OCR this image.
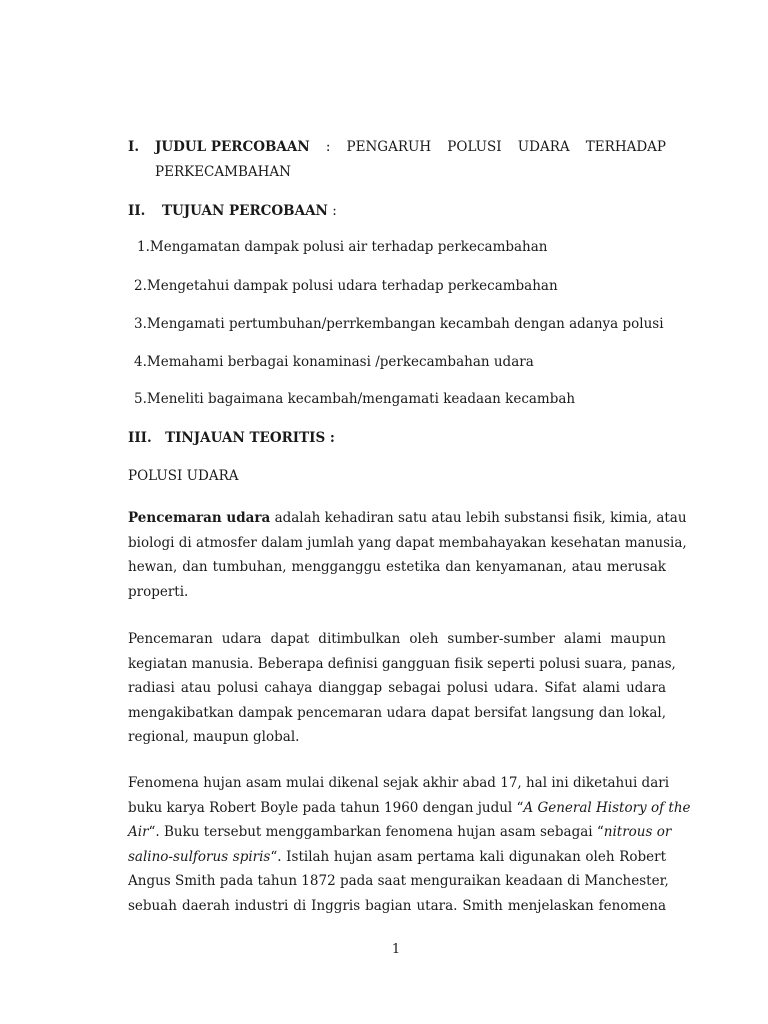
I. JUDUL PERCOBAAN : PENGARUH POLUSI UDARA TERHADAP
PERKECAMBAHAN
II. TUJUAN PERCOBAAN :
1.Mengamatan dampak polusi air terhadap perkecambahan
2.Mengetahui dampak polusi udara terhadap perkecambahan
3.Mengamati pertumbuhan/perrkembangan kecambah dengan adanya polusi
4.Memahami berbagai konaminasi /perkecambahan udara
5.Meneliti bagaimana kecambah/mengamati keadaan kecambah
III. TINJAUAN TEORITIS :
POLUSI UDARA
Pencemaran udara adalah kehadiran satu atau lebih substansi fisik, kimia, atau
biologi di atmosfer dalam jumlah yang dapat membahayakan kesehatan manusia,
hewan, dan tumbuhan, mengganggu estetika dan kenyamanan, atau merusak
properti.
Pencemaran udara dapat ditimbulkan oleh sumber-sumber alami maupun
kegiatan manusia. Beberapa definisi gangguan fisik seperti polusi suara, panas,
radiasi atau polusi cahaya dianggap sebagai polusi udara. Sifat alami udara
mengakibatkan dampak pencemaran udara dapat bersifat langsung dan lokal,
regional, maupun global.
Fenomena hujan asam mulai dikenal sejak akhir abad 17, hal ini diketahui dari
buku karya Robert Boyle pada tahun 1960 dengan judul “A General History of the
Air“. Buku tersebut menggambarkan fenomena hujan asam sebagai “nitrous or
salino-sulforus spiris“. Istilah hujan asam pertama kali digunakan oleh Robert
Angus Smith pada tahun 1872 pada saat menguraikan keadaan di Manchester,
sebuah daerah industri di Inggris bagian utara. Smith menjelaskan fenomena
1
